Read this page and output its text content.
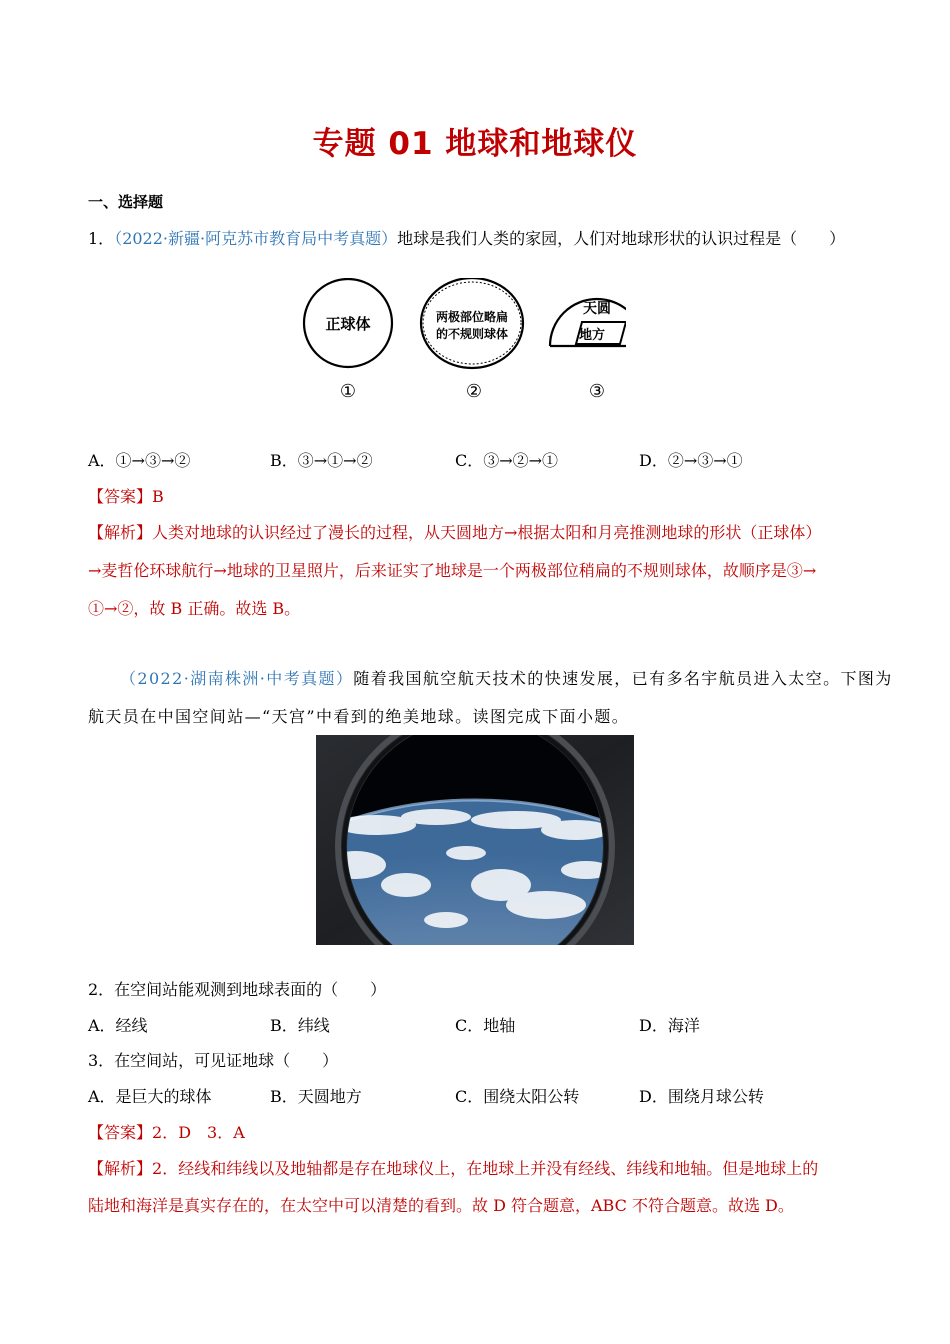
专题 01 地球和地球仪
一、选择题
1．（2022·新疆·阿克苏市教育局中考真题）地球是我们人类的家园，人们对地球形状的认识过程是（　　）
正球体	两极部位略扁
的不规则球体
天圆
地方
①	②	③
A．①→③→②	B．③→①→②	C．③→②→①	D．②→③→①
【答案】B
【解析】人类对地球的认识经过了漫长的过程，从天圆地方→根据太阳和月亮推测地球的形状（正球体）
→麦哲伦环球航行→地球的卫星照片，后来证实了地球是一个两极部位稍扁的不规则球体，故顺序是③→
①→②，故 B 正确。故选 B。
（2022·湖南株洲·中考真题）随着我国航空航天技术的快速发展，已有多名宇航员进入太空。下图为
航天员在中国空间站—“天宫”中看到的绝美地球。读图完成下面小题。
2．在空间站能观测到地球表面的（　　）
A．经线	B．纬线	C．地轴	D．海洋
3．在空间站，可见证地球（　　）
A．是巨大的球体	B．天圆地方	C．围绕太阳公转	D．围绕月球公转
【答案】2．D　3．A
【解析】2．经线和纬线以及地轴都是存在地球仪上，在地球上并没有经线、纬线和地轴。但是地球上的
陆地和海洋是真实存在的，在太空中可以清楚的看到。故 D 符合题意，ABC 不符合题意。故选 D。
